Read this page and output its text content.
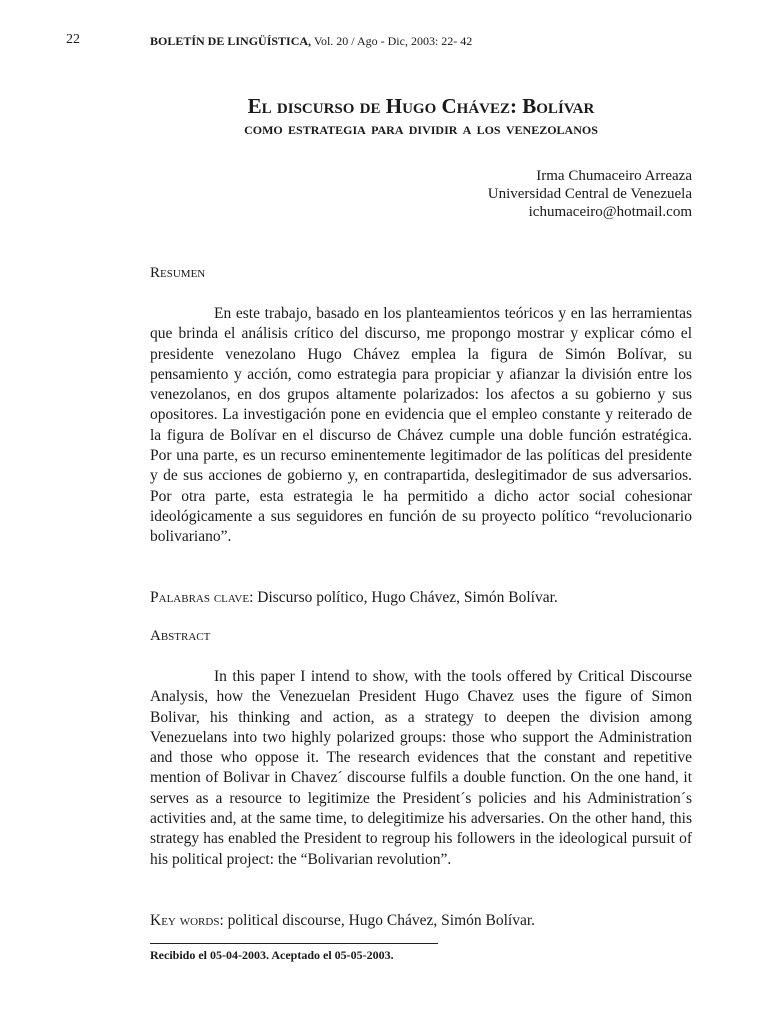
22	BOLETÍN DE LINGÜÍSTICA, Vol. 20 / Ago - Dic, 2003: 22- 42
El discurso de Hugo Chávez: Bolívar
como estrategia para dividir a los venezolanos
Irma Chumaceiro Arreaza
Universidad Central de Venezuela
ichumaceiro@hotmail.com
Resumen

En este trabajo, basado en los planteamientos teóricos y en las herramientas que brinda el análisis crítico del discurso, me propongo mostrar y explicar cómo el presidente venezolano Hugo Chávez emplea la figura de Simón Bolívar, su pensamiento y acción, como estrategia para propiciar y afianzar la división entre los venezolanos, en dos grupos altamente polarizados: los afectos a su gobierno y sus opositores. La investigación pone en evidencia que el empleo constante y reiterado de la figura de Bolívar en el discurso de Chávez cumple una doble función estratégica. Por una parte, es un recurso eminentemente legitimador de las políticas del presidente y de sus acciones de gobierno y, en contrapartida, deslegitimador de sus adversarios. Por otra parte, esta estrategia le ha permitido a dicho actor social cohesionar ideológicamente a sus seguidores en función de su proyecto político “revolucionario bolivariano”.

Palabras clave: Discurso político, Hugo Chávez, Simón Bolívar.
Abstract

In this paper I intend to show, with the tools offered by Critical Discourse Analysis, how the Venezuelan President Hugo Chavez uses the figure of Simon Bolivar, his thinking and action, as a strategy to deepen the division among Venezuelans into two highly polarized groups: those who support the Administration and those who oppose it. The research evidences that the constant and repetitive mention of Bolivar in Chavez´ discourse fulfils a double function. On the one hand, it serves as a resource to legitimize the President´s policies and his Administration´s activities and, at the same time, to delegitimize his adversaries. On the other hand, this strategy has enabled the President to regroup his followers in the ideological pursuit of his political project: the “Bolivarian revolution”.

Key words: political discourse, Hugo Chávez, Simón Bolívar.
Recibido el 05-04-2003. Aceptado el 05-05-2003.
